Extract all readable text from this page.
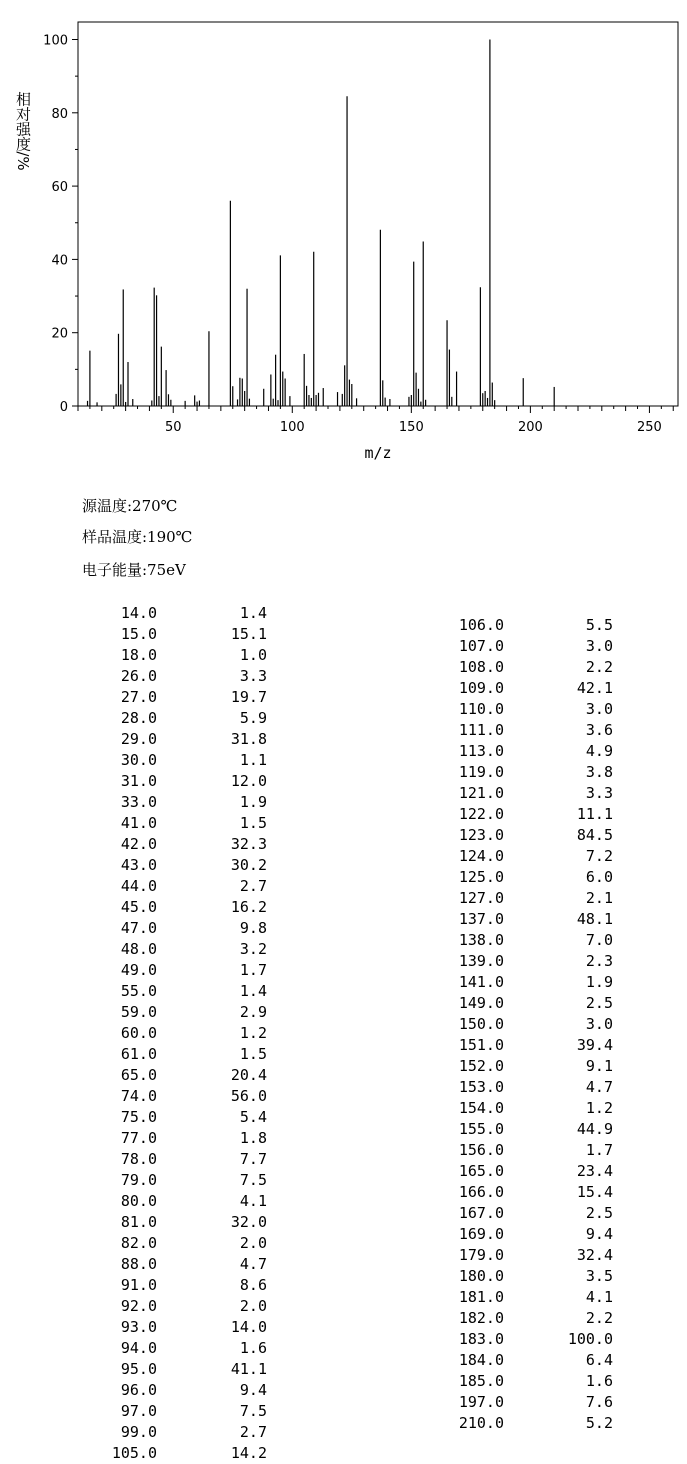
0
20
40
60
80
100
50	100	150	200	250
相对强度/%
m/z
源温度:270℃
样品温度:190℃
电子能量:75eV
14.0	1.4
15.0	15.1
18.0	1.0
26.0	3.3
27.0	19.7
28.0	5.9
29.0	31.8
30.0	1.1
31.0	12.0
33.0	1.9
41.0	1.5
42.0	32.3
43.0	30.2
44.0	2.7
45.0	16.2
47.0	9.8
48.0	3.2
49.0	1.7
55.0	1.4
59.0	2.9
60.0	1.2
61.0	1.5
65.0	20.4
74.0	56.0
75.0	5.4
77.0	1.8
78.0	7.7
79.0	7.5
80.0	4.1
81.0	32.0
82.0	2.0
88.0	4.7
91.0	8.6
92.0	2.0
93.0	14.0
94.0	1.6
95.0	41.1
96.0	9.4
97.0	7.5
99.0	2.7
105.0	14.2
106.0	5.5
107.0	3.0
108.0	2.2
109.0	42.1
110.0	3.0
111.0	3.6
113.0	4.9
119.0	3.8
121.0	3.3
122.0	11.1
123.0	84.5
124.0	7.2
125.0	6.0
127.0	2.1
137.0	48.1
138.0	7.0
139.0	2.3
141.0	1.9
149.0	2.5
150.0	3.0
151.0	39.4
152.0	9.1
153.0	4.7
154.0	1.2
155.0	44.9
156.0	1.7
165.0	23.4
166.0	15.4
167.0	2.5
169.0	9.4
179.0	32.4
180.0	3.5
181.0	4.1
182.0	2.2
183.0	100.0
184.0	6.4
185.0	1.6
197.0	7.6
210.0	5.2
